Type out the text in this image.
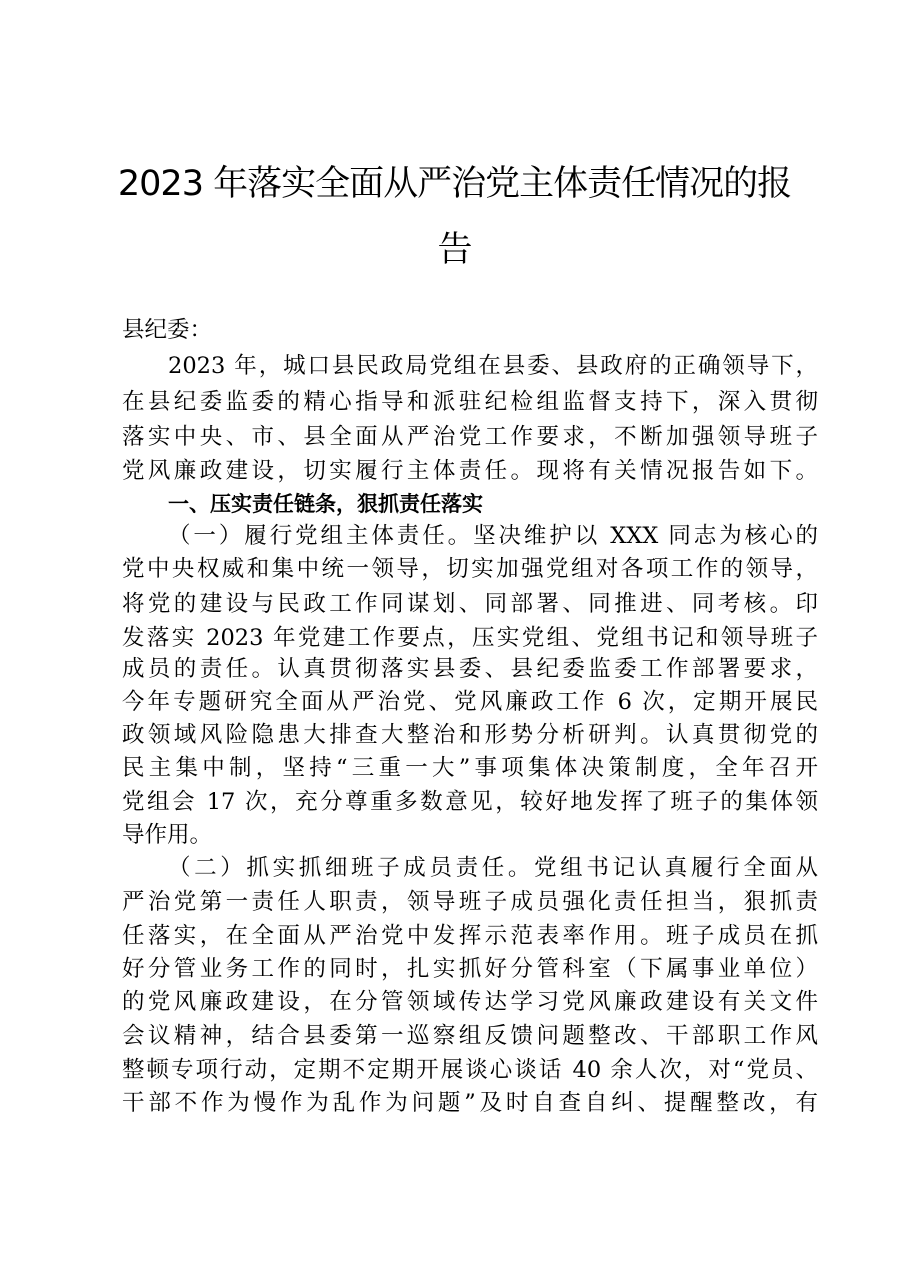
2023 年落实全面从严治党主体责任情况的报
告
县纪委：
2023 年，城口县民政局党组在县委、县政府的正确领导下，
在县纪委监委的精心指导和派驻纪检组监督支持下，深入贯彻
落实中央、市、县全面从严治党工作要求，不断加强领导班子
党风廉政建设，切实履行主体责任。现将有关情况报告如下。
一、压实责任链条，狠抓责任落实
（一）履行党组主体责任。坚决维护以 XXX 同志为核心的
党中央权威和集中统一领导，切实加强党组对各项工作的领导，
将党的建设与民政工作同谋划、同部署、同推进、同考核。印
发落实 2023 年党建工作要点，压实党组、党组书记和领导班子
成员的责任。认真贯彻落实县委、县纪委监委工作部署要求，
今年专题研究全面从严治党、党风廉政工作 6 次，定期开展民
政领域风险隐患大排查大整治和形势分析研判。认真贯彻党的
民主集中制，坚持“三重一大”事项集体决策制度，全年召开
党组会 17 次，充分尊重多数意见，较好地发挥了班子的集体领
导作用。
（二）抓实抓细班子成员责任。党组书记认真履行全面从
严治党第一责任人职责，领导班子成员强化责任担当，狠抓责
任落实，在全面从严治党中发挥示范表率作用。班子成员在抓
好分管业务工作的同时，扎实抓好分管科室（下属事业单位）
的党风廉政建设，在分管领域传达学习党风廉政建设有关文件
会议精神，结合县委第一巡察组反馈问题整改、干部职工作风
整顿专项行动，定期不定期开展谈心谈话 40 余人次，对“党员、
干部不作为慢作为乱作为问题”及时自查自纠、提醒整改，有
